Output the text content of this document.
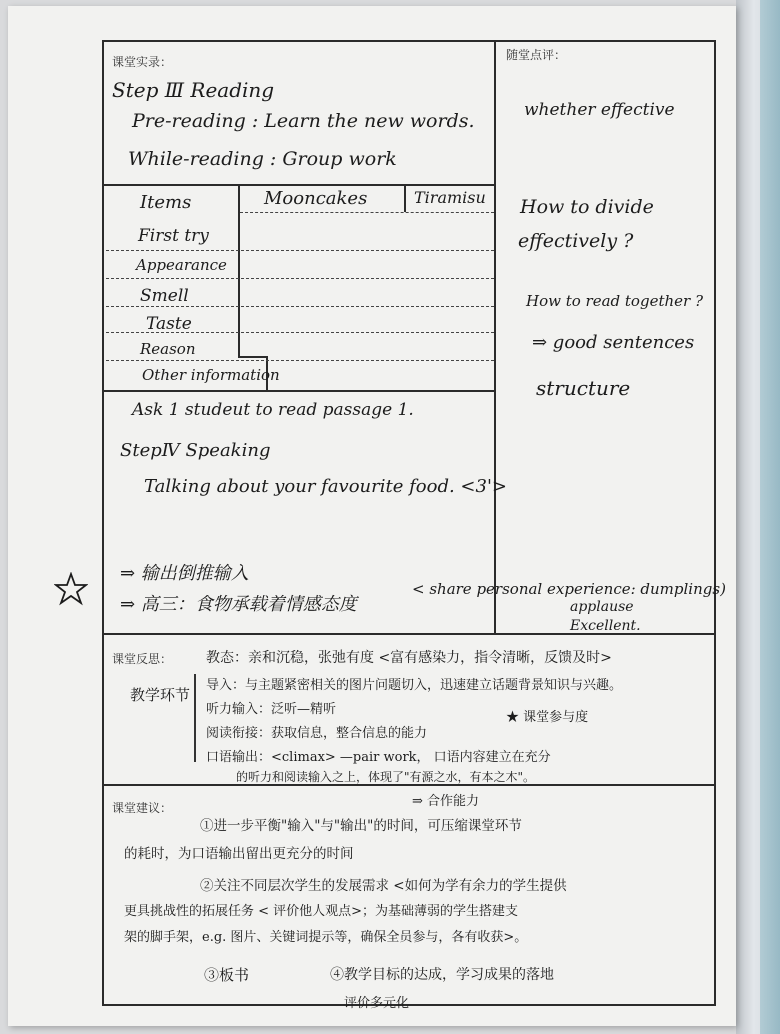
课堂实录：	随堂点评：
课堂反思：
课堂建议：
Step Ⅲ Reading
Pre-reading : Learn the new words.
While-reading : Group work
Items	Mooncakes	Tiramisu
First try
Appearance
Smell
Taste
Reason
Other information
Ask 1 studeut to read passage 1.
StepⅣ Speaking
Talking about your favourite food. <3'>
⇒ 输出倒推输入
⇒ 高三：食物承载着情感态度
< share personal experience: dumplings)
applause
Excellent.
whether effective
How to divide
effectively ?
How to read together ?
⇒ good sentences
structure
教态：亲和沉稳，张弛有度 <富有感染力，指令清晰，反馈及时>
教学环节
导入：与主题紧密相关的图片问题切入，迅速建立话题背景知识与兴趣。
听力输入：泛听—精听
阅读衔接：获取信息，整合信息的能力
★ 课堂参与度
口语输出：<climax> —pair work， 口语内容建立在充分
的听力和阅读输入之上，体现了"有源之水，有本之木"。
⇒ 合作能力
①进一步平衡"输入"与"输出"的时间，可压缩课堂环节
的耗时，为口语输出留出更充分的时间
②关注不同层次学生的发展需求 <如何为学有余力的学生提供
更具挑战性的拓展任务 < 评价他人观点>；为基础薄弱的学生搭建支
架的脚手架，e.g. 图片、关键词提示等，确保全员参与，各有收获>。
③板书	④教学目标的达成，学习成果的落地
评价多元化
